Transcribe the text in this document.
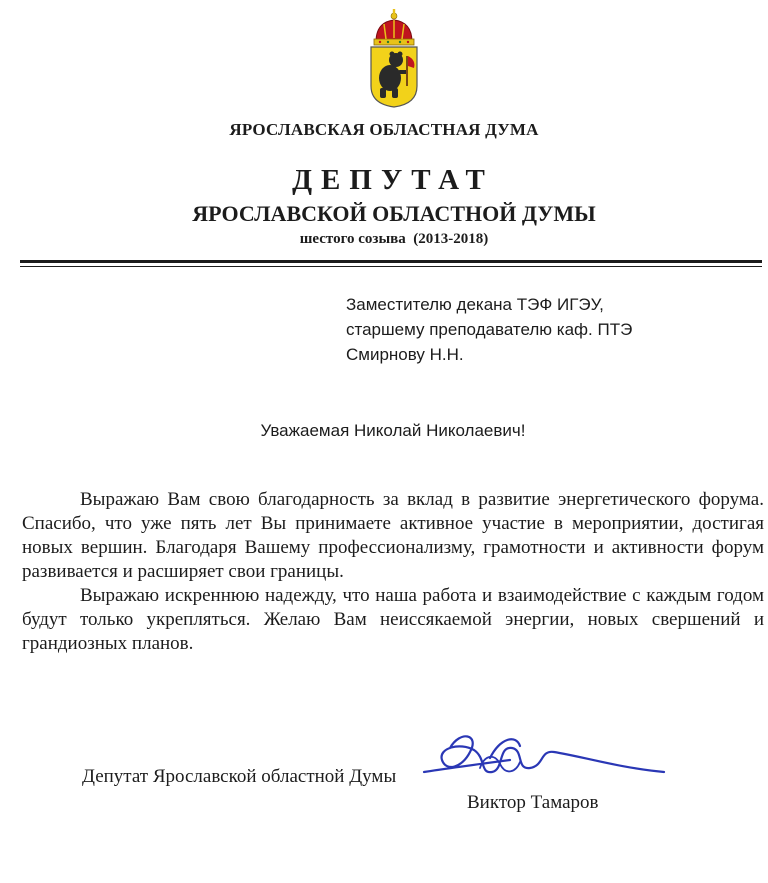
ЯРОСЛАВСКАЯ ОБЛАСТНАЯ ДУМА
ДЕПУТАТ
ЯРОСЛАВСКОЙ ОБЛАСТНОЙ ДУМЫ
шестого созыва  (2013-2018)
Заместителю декана ТЭФ ИГЭУ,
старшему преподавателю каф. ПТЭ
Смирнову Н.Н.
Уважаемая Николай Николаевич!

Выражаю Вам свою благодарность за вклад в развитие энергетического форума. Спасибо, что уже пять лет Вы принимаете активное участие в мероприятии, достигая новых вершин. Благодаря Вашему профессионализму, грамотности и активности форум развивается и расширяет свои границы.

Выражаю искреннюю надежду, что наша работа и взаимодействие с каждым годом будут только укрепляться. Желаю Вам неиссякаемой энергии, новых свершений и грандиозных планов.

Депутат Ярославской областной Думы
Виктор Тамаров
